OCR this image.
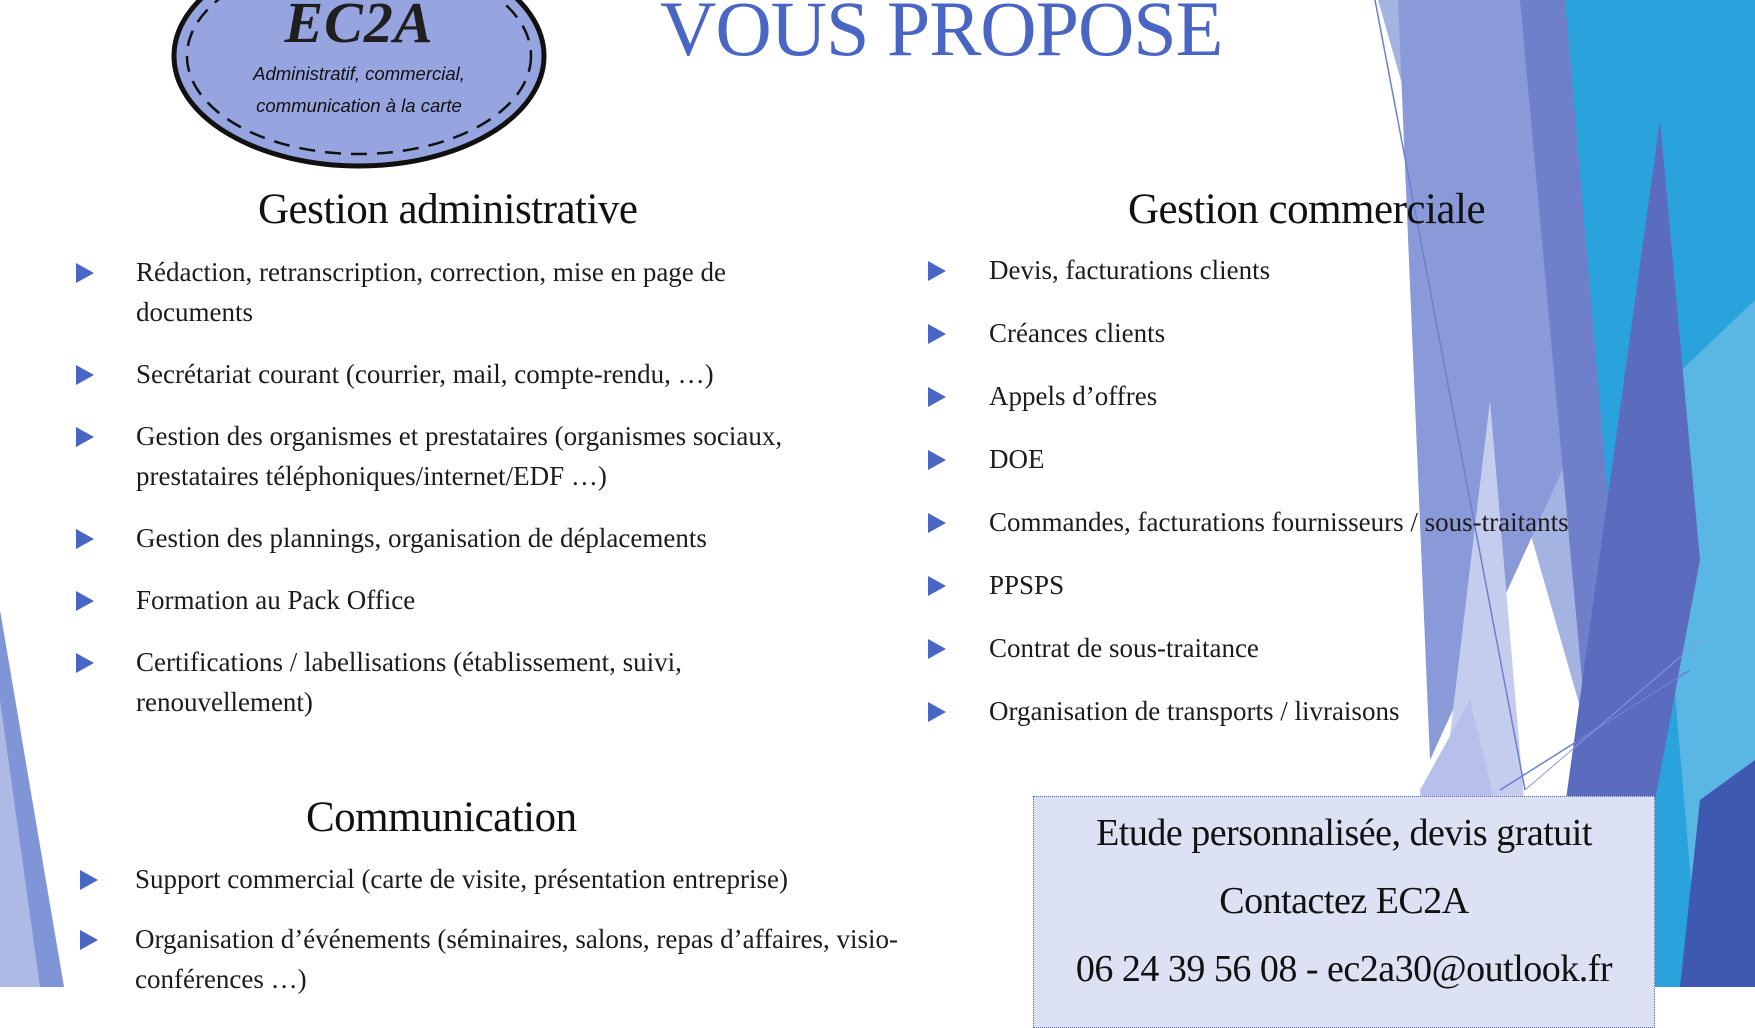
EC2A
Administratif, commercial,
communication à la carte
VOUS PROPOSE
Gestion administrative
Rédaction, retranscription, correction, mise en page de documents
Secrétariat courant (courrier, mail, compte-rendu, …)
Gestion des organismes et prestataires (organismes sociaux, prestataires téléphoniques/internet/EDF …)
Gestion des plannings, organisation de déplacements
Formation au Pack Office
Certifications / labellisations (établissement, suivi, renouvellement)
Gestion commerciale
Devis, facturations clients
Créances clients
Appels d’offres
DOE
Commandes, facturations fournisseurs / sous-traitants
PPSPS
Contrat de sous-traitance
Organisation de transports / livraisons
Communication
Support commercial (carte de visite, présentation entreprise)
Organisation d’événements (séminaires, salons, repas d’affaires, visio-conférences …)
Etude personnalisée, devis gratuit
Contactez EC2A
06 24 39 56 08 - ec2a30@outlook.fr
